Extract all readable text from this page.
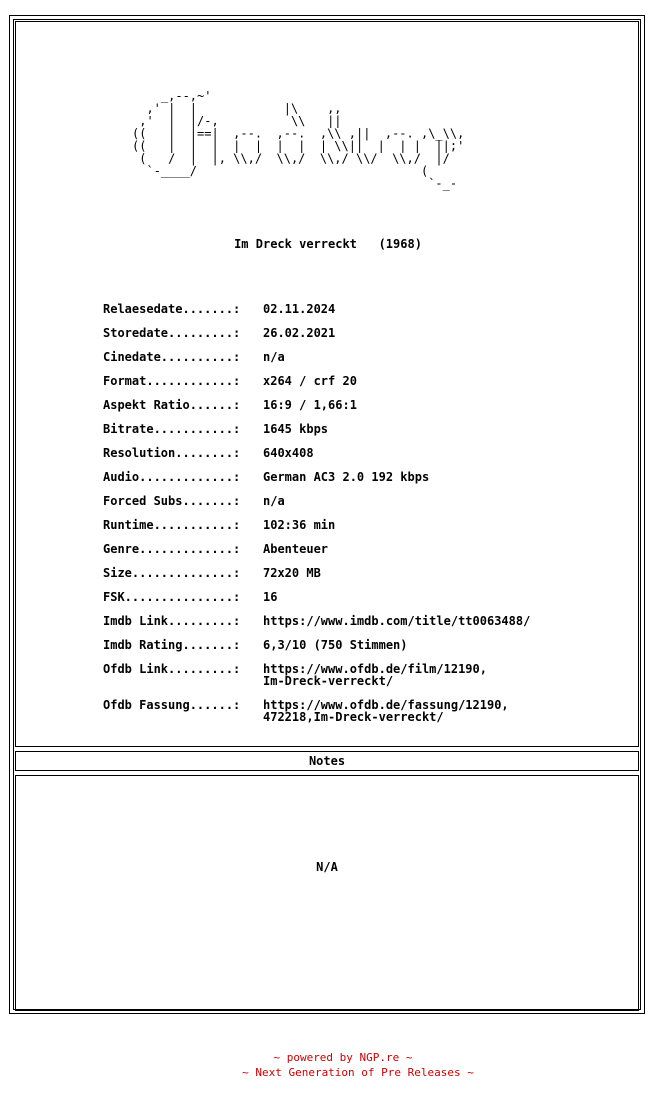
_,--,~'
,' |  |            |\    ,,
,'  |  |/-,          \\   ||
((   |  |==|  ,--.  ,--.  ,\\ ,||  ,--. ,\_\\,
((   |  |  |  |  |  |  |  | \\||  |  | |  ||;'
(   /  |  |, \\,/  \\,/  \\,/ \\/  \\,/  |/
`-____/                               (
`-_-
Im Dreck verreckt   (1968)
Relaesedate.......:	02.11.2024
Storedate.........:	26.02.2021
Cinedate..........:	n/a
Format............:	x264 / crf 20
Aspekt Ratio......:	16:9 / 1,66:1
Bitrate...........:	1645 kbps
Resolution........:	640x408
Audio.............:	German AC3 2.0 192 kbps
Forced Subs.......:	n/a
Runtime...........:	102:36 min
Genre.............:	Abenteuer
Size..............:	72x20 MB
FSK...............:	16
Imdb Link.........:	https://www.imdb.com/title/tt0063488/
Imdb Rating.......:	6,3/10 (750 Stimmen)
Ofdb Link.........:	https://www.ofdb.de/film/12190,
Im-Dreck-verreckt/
Ofdb Fassung......:	https://www.ofdb.de/fassung/12190,
472218,Im-Dreck-verreckt/
Notes
N/A
~ powered by NGP.re ~
~ Next Generation of Pre Releases ~
